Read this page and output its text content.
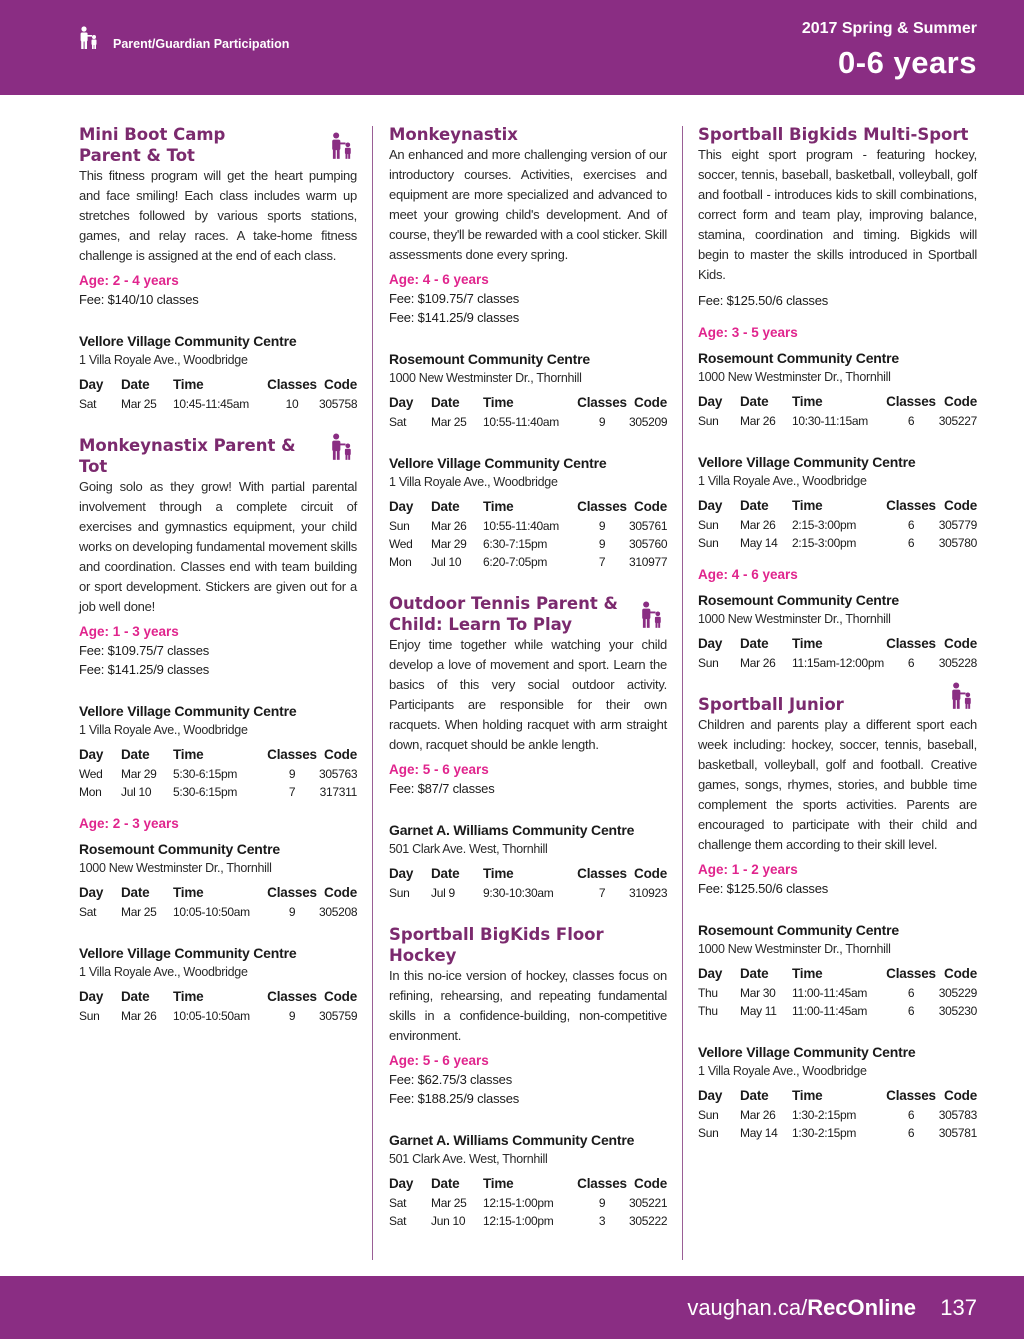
Parent/Guardian Participation
2017 Spring & Summer
0-6 years
Mini Boot Camp
Parent & Tot
This fitness program will get the heart pumping and face smiling! Each class includes warm up stretches followed by various sports stations, games, and relay races. A take-home fitness challenge is assigned at the end of each class.
Age: 2 - 4 years
Fee: $140/10 classes
Vellore Village Community Centre
1 Villa Royale Ave., Woodbridge
Day	Date	Time	Classes Code
Sat	Mar 25	10:45-11:45am	10	305758
Monkeynastix Parent & Tot
Going solo as they grow! With partial parental involvement through a complete circuit of exercises and gymnastics equipment, your child works on developing fundamental movement skills and coordination. Classes end with team building or sport development. Stickers are given out for a job well done!
Age: 1 - 3 years
Fee: $109.75/7 classes
Fee: $141.25/9 classes
Vellore Village Community Centre
1 Villa Royale Ave., Woodbridge
Day	Date	Time	Classes Code
Wed	Mar 29	5:30-6:15pm	9	305763
Mon	Jul 10	5:30-6:15pm	7	317311
Age: 2 - 3 years
Rosemount Community Centre
1000 New Westminster Dr., Thornhill
Day	Date	Time	Classes Code
Sat	Mar 25	10:05-10:50am	9	305208
Vellore Village Community Centre
1 Villa Royale Ave., Woodbridge
Day	Date	Time	Classes Code
Sun	Mar 26	10:05-10:50am	9	305759
Monkeynastix
An enhanced and more challenging version of our introductory courses. Activities, exercises and equipment are more specialized and advanced to meet your growing child's development. And of course, they'll be rewarded with a cool sticker. Skill assessments done every spring.
Age: 4 - 6 years
Fee: $109.75/7 classes
Fee: $141.25/9 classes
Rosemount Community Centre
1000 New Westminster Dr., Thornhill
Day	Date	Time	Classes Code
Sat	Mar 25	10:55-11:40am	9	305209
Vellore Village Community Centre
1 Villa Royale Ave., Woodbridge
Day	Date	Time	Classes Code
Sun	Mar 26	10:55-11:40am	9	305761
Wed	Mar 29	6:30-7:15pm	9	305760
Mon	Jul 10	6:20-7:05pm	7	310977
Outdoor Tennis Parent &
Child: Learn To Play
Enjoy time together while watching your child develop a love of movement and sport. Learn the basics of this very social outdoor activity. Participants are responsible for their own racquets. When holding racquet with arm straight down, racquet should be ankle length.
Age: 5 - 6 years
Fee: $87/7 classes
Garnet A. Williams Community Centre
501 Clark Ave. West, Thornhill
Day	Date	Time	Classes Code
Sun	Jul 9	9:30-10:30am	7	310923
Sportball BigKids Floor Hockey
In this no-ice version of hockey, classes focus on refining, rehearsing, and repeating fundamental skills in a confidence-building, non-competitive environment.
Age: 5 - 6 years
Fee: $62.75/3 classes
Fee: $188.25/9 classes
Garnet A. Williams Community Centre
501 Clark Ave. West, Thornhill
Day	Date	Time	Classes Code
Sat	Mar 25	12:15-1:00pm	9	305221
Sat	Jun 10	12:15-1:00pm	3	305222
Sportball Bigkids Multi-Sport
This eight sport program - featuring hockey, soccer, tennis, baseball, basketball, volleyball, golf and football - introduces kids to skill combinations, correct form and team play, improving balance, stamina, coordination and timing. Bigkids will begin to master the skills introduced in Sportball Kids.
Fee: $125.50/6 classes
Age: 3 - 5 years
Rosemount Community Centre
1000 New Westminster Dr., Thornhill
Day	Date	Time	Classes Code
Sun	Mar 26	10:30-11:15am	6	305227
Vellore Village Community Centre
1 Villa Royale Ave., Woodbridge
Day	Date	Time	Classes Code
Sun	Mar 26	2:15-3:00pm	6	305779
Sun	May 14	2:15-3:00pm	6	305780
Age: 4 - 6 years
Rosemount Community Centre
1000 New Westminster Dr., Thornhill
Day	Date	Time	Classes Code
Sun	Mar 26	11:15am-12:00pm	6	305228
Sportball Junior
Children and parents play a different sport each week including: hockey, soccer, tennis, baseball, basketball, volleyball, golf and football. Creative games, songs, rhymes, stories, and bubble time complement the sports activities. Parents are encouraged to participate with their child and challenge them according to their skill level.
Age: 1 - 2 years
Fee: $125.50/6 classes
Rosemount Community Centre
1000 New Westminster Dr., Thornhill
Day	Date	Time	Classes Code
Thu	Mar 30	11:00-11:45am	6	305229
Thu	May 11	11:00-11:45am	6	305230
Vellore Village Community Centre
1 Villa Royale Ave., Woodbridge
Day	Date	Time	Classes Code
Sun	Mar 26	1:30-2:15pm	6	305783
Sun	May 14	1:30-2:15pm	6	305781
vaughan.ca/RecOnline 137
